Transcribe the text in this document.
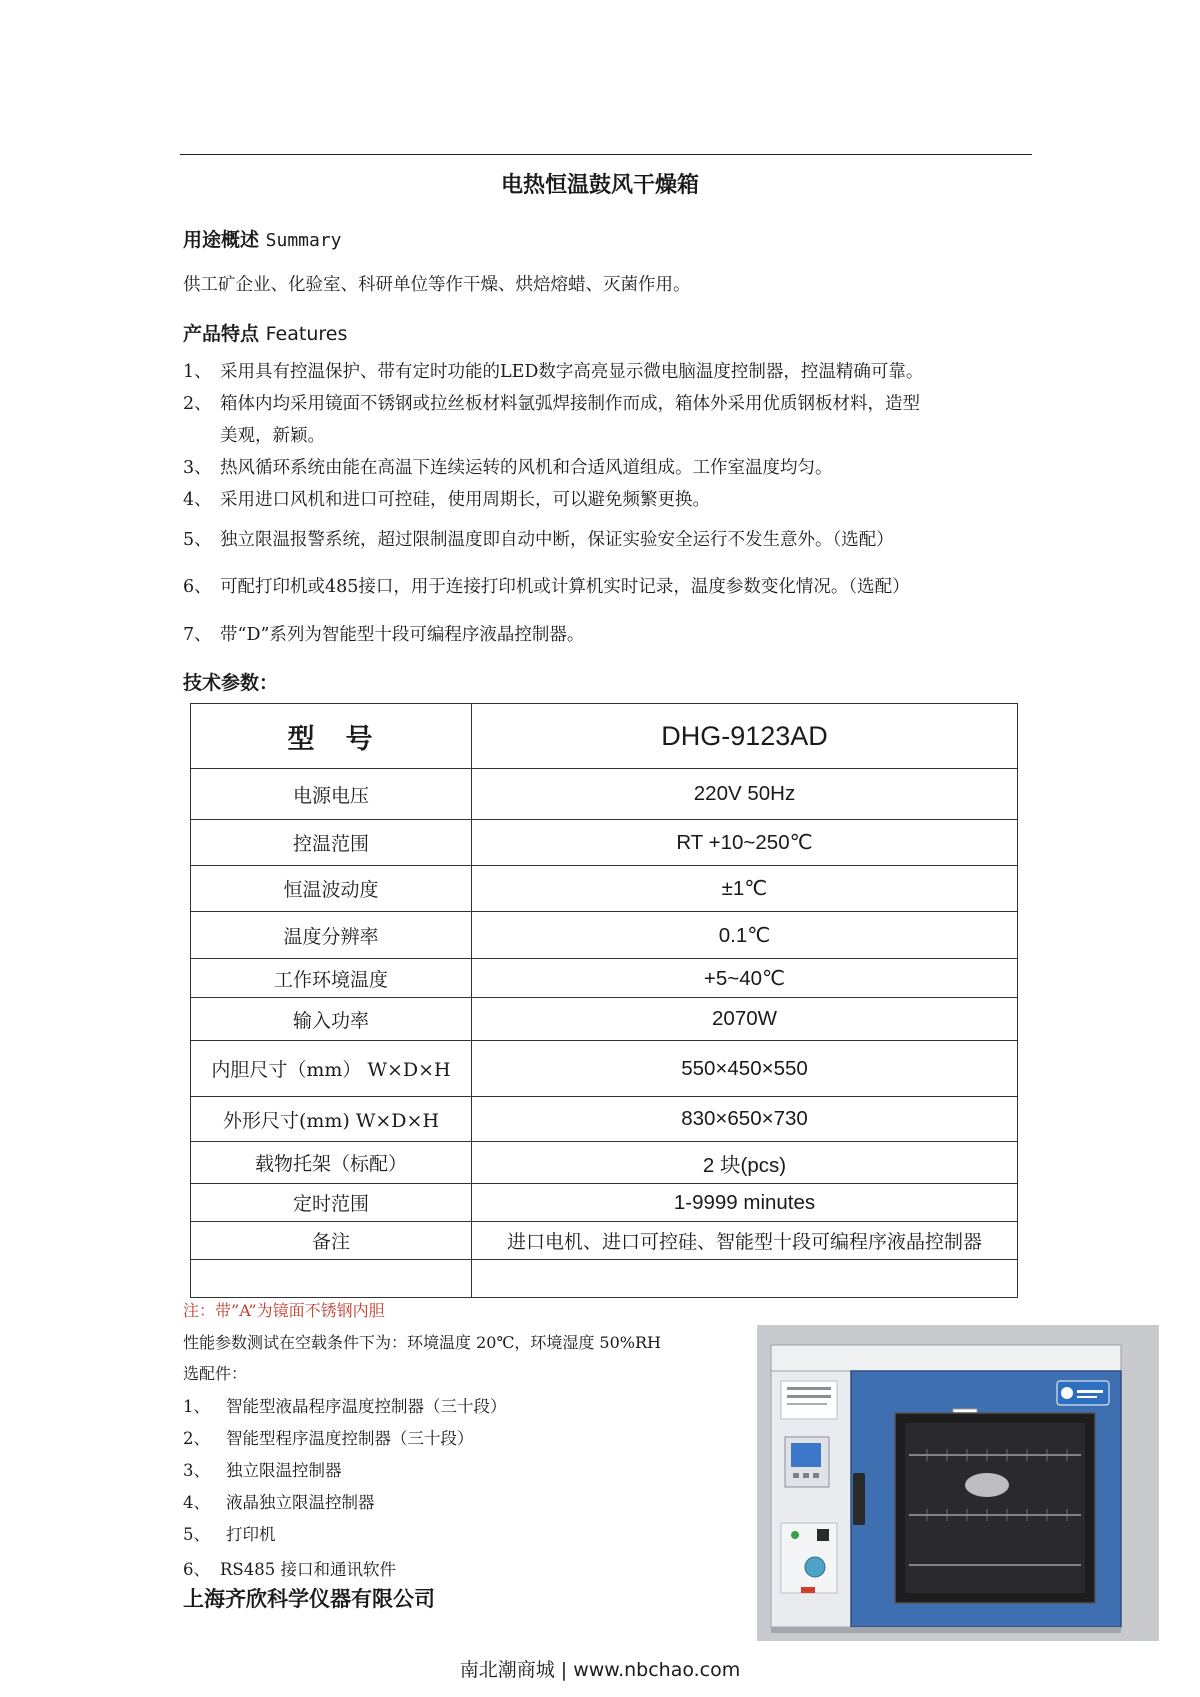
电热恒温鼓风干燥箱
用途概述 Summary
供工矿企业、化验室、科研单位等作干燥、烘焙熔蜡、灭菌作用。
产品特点 Features
1、 采用具有控温保护、带有定时功能的LED数字高亮显示微电脑温度控制器，控温精确可靠。
2、 箱体内均采用镜面不锈钢或拉丝板材料氩弧焊接制作而成，箱体外采用优质钢板材料，造型
美观，新颖。
3、 热风循环系统由能在高温下连续运转的风机和合适风道组成。工作室温度均匀。
4、 采用进口风机和进口可控硅，使用周期长，可以避免频繁更换。
5、 独立限温报警系统，超过限制温度即自动中断，保证实验安全运行不发生意外。（选配）
6、 可配打印机或485接口，用于连接打印机或计算机实时记录，温度参数变化情况。（选配）
7、 带“D”系列为智能型十段可编程序液晶控制器。
技术参数：
型　号	DHG-9123AD
电源电压	220V 50Hz
控温范围	RT +10~250℃
恒温波动度	±1℃
温度分辨率	0.1℃
工作环境温度	+5~40℃
输入功率	2070W
内胆尺寸（mm） W×D×H	550×450×550
外形尺寸(mm) W×D×H	830×650×730
载物托架（标配）	2 块(pcs)
定时范围	1-9999 minutes
备注	进口电机、进口可控硅、智能型十段可编程序液晶控制器

注：带”A”为镜面不锈钢内胆
性能参数测试在空载条件下为：环境温度 20℃，环境湿度 50%RH
选配件：
1、 智能型液晶程序温度控制器（三十段）
2、 智能型程序温度控制器（三十段）
3、 独立限温控制器
4、 液晶独立限温控制器
5、 打印机
6、 RS485 接口和通讯软件
上海齐欣科学仪器有限公司
南北潮商城 | www.nbchao.com
